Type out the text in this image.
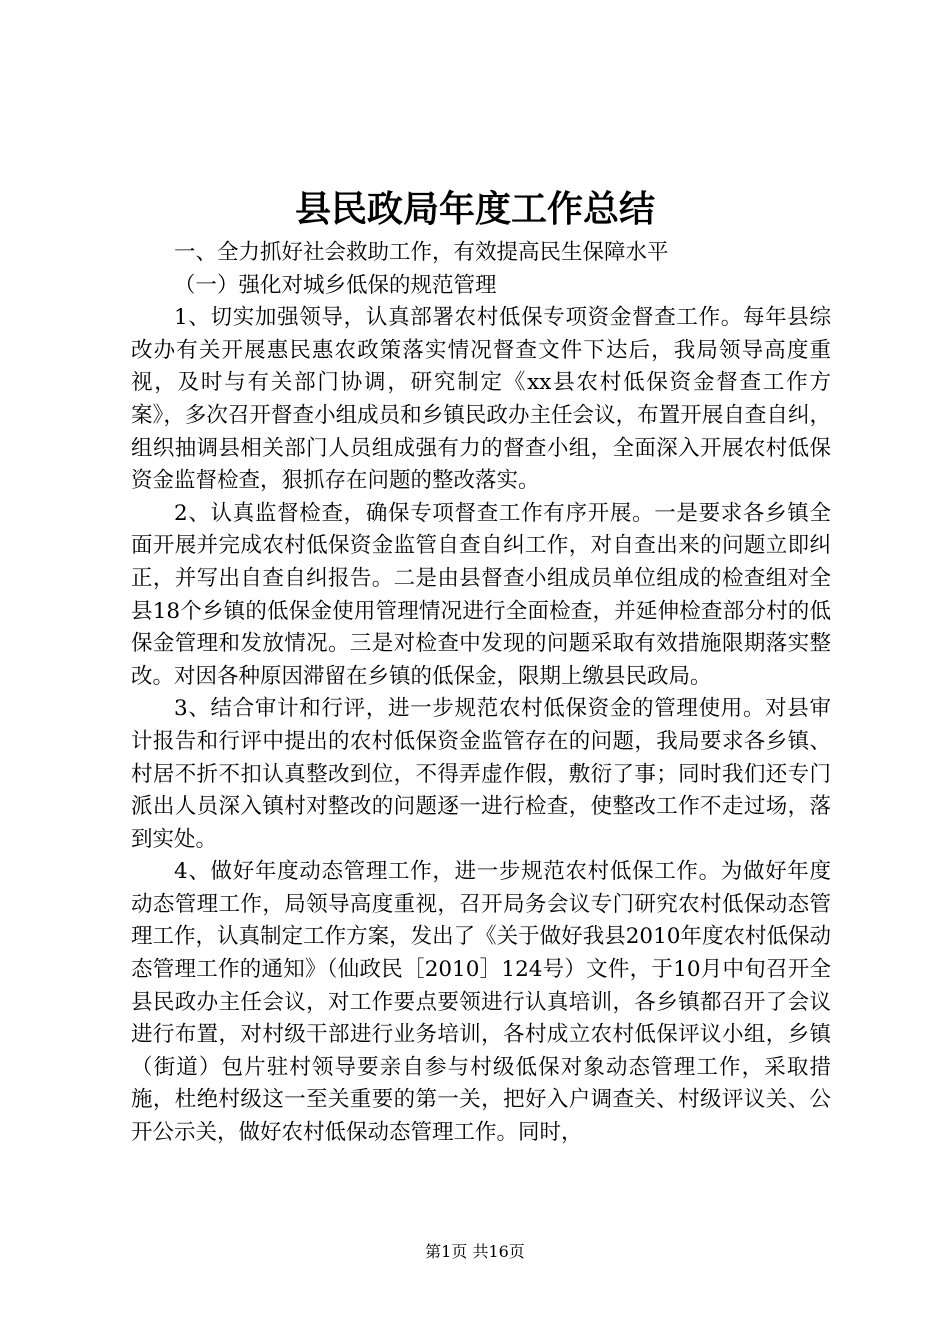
县民政局年度工作总结
一、全力抓好社会救助工作，有效提高民生保障水平
（一）强化对城乡低保的规范管理
1、切实加强领导，认真部署农村低保专项资金督查工作。每年县综改办有关开展惠民惠农政策落实情况督查文件下达后，我局领导高度重视，及时与有关部门协调，研究制定《xx县农村低保资金督查工作方案》，多次召开督查小组成员和乡镇民政办主任会议，布置开展自查自纠，组织抽调县相关部门人员组成强有力的督查小组，全面深入开展农村低保资金监督检查，狠抓存在问题的整改落实。
2、认真监督检查，确保专项督查工作有序开展。一是要求各乡镇全面开展并完成农村低保资金监管自查自纠工作，对自查出来的问题立即纠正，并写出自查自纠报告。二是由县督查小组成员单位组成的检查组对全县18个乡镇的低保金使用管理情况进行全面检查，并延伸检查部分村的低保金管理和发放情况。三是对检查中发现的问题采取有效措施限期落实整改。对因各种原因滞留在乡镇的低保金，限期上缴县民政局。
3、结合审计和行评，进一步规范农村低保资金的管理使用。对县审计报告和行评中提出的农村低保资金监管存在的问题，我局要求各乡镇、村居不折不扣认真整改到位，不得弄虚作假，敷衍了事；同时我们还专门派出人员深入镇村对整改的问题逐一进行检查，使整改工作不走过场，落到实处。
4、做好年度动态管理工作，进一步规范农村低保工作。为做好年度动态管理工作，局领导高度重视，召开局务会议专门研究农村低保动态管理工作，认真制定工作方案，发出了《关于做好我县2010年度农村低保动态管理工作的通知》（仙政民［2010］124号）文件，于10月中旬召开全县民政办主任会议，对工作要点要领进行认真培训，各乡镇都召开了会议进行布置，对村级干部进行业务培训，各村成立农村低保评议小组，乡镇（街道）包片驻村领导要亲自参与村级低保对象动态管理工作，采取措施，杜绝村级这一至关重要的第一关，把好入户调查关、村级评议关、公开公示关，做好农村低保动态管理工作。同时，
第1页 共16页
